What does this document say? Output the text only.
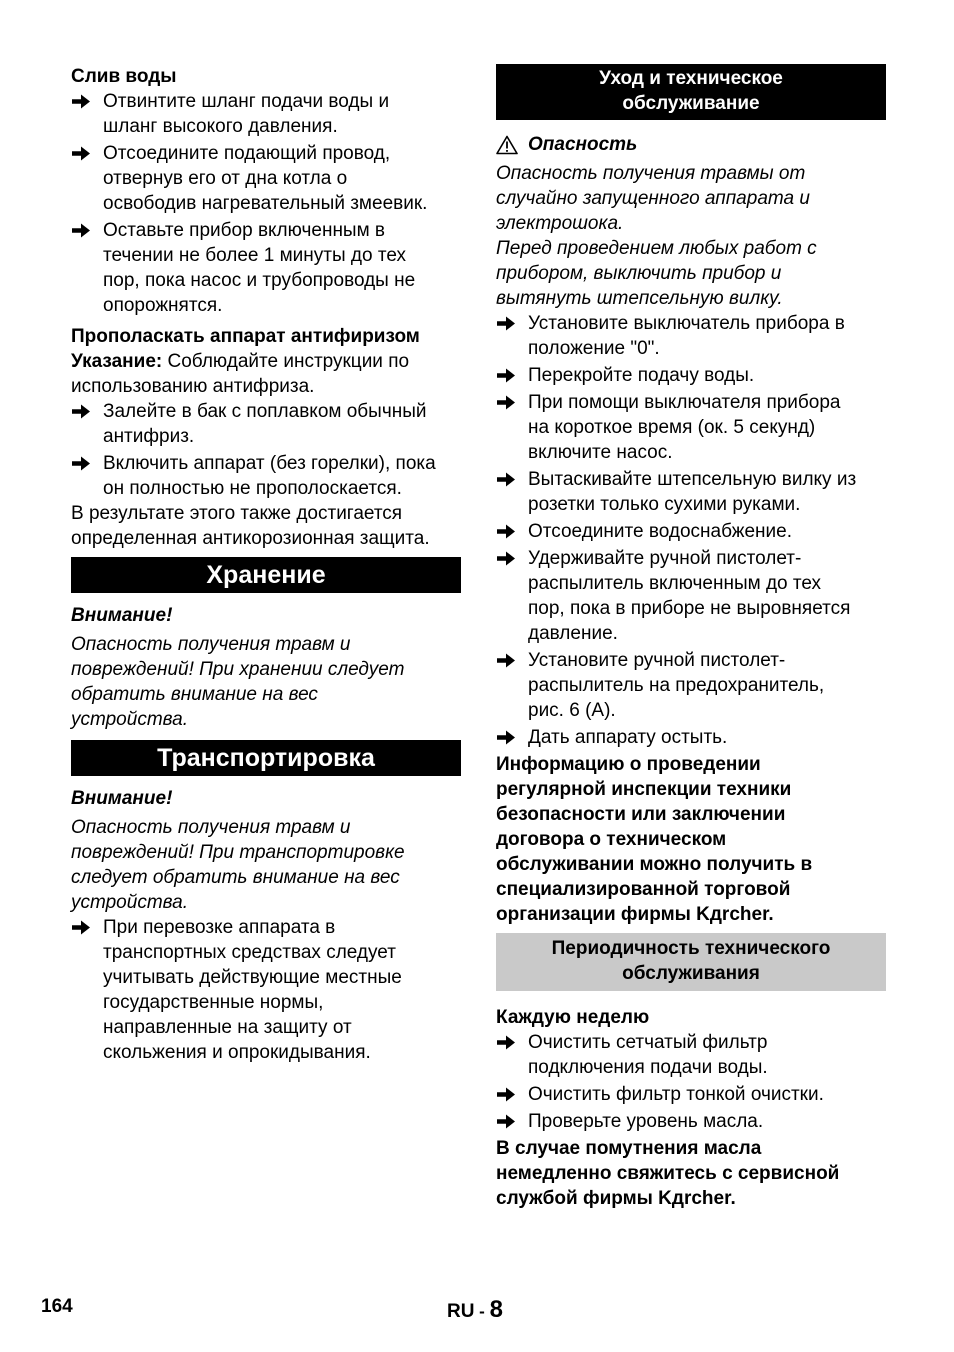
Слив воды
Отвинтите шланг подачи воды и
шланг высокого давления.
Отсоедините подающий провод,
отвернув его от дна котла о
освободив нагревательный змеевик.
Оставьте прибор включенным в
течении не более 1 минуты до тех
пор, пока насос и трубопроводы не
опорожнятся.
Прополаскать аппарат антифиризом
Указание: Соблюдайте инструкции по
использованию антифриза.
Залейте в бак с поплавком обычный
антифриз.
Включить аппарат (без горелки), пока
он полностью не прополоскается.
В результате этого также достигается
определенная антикорозионная защита.
Хранение
Внимание!
Опасность получения травм и
повреждений! При хранении следует
обратить внимание на вес
устройства.
Транспортировка
Внимание!
Опасность получения травм и
повреждений! При транспортировке
следует обратить внимание на вес
устройства.
При перевозке аппарата в
транспортных средствах следует
учитывать действующие местные
государственные нормы,
направленные на защиту от
скольжения и опрокидывания.
Уход и техническое
обслуживание
Опасность
Опасность получения травмы от
случайно запущенного аппарата и
электрошока.
Перед проведением любых работ с
прибором, выключить прибор и
вытянуть штепсельную вилку.
Установите выключатель прибора в
положение "0".
Перекройте подачу воды.
При помощи выключателя прибора
на короткое время (ок. 5 секунд)
включите насос.
Вытаскивайте штепсельную вилку из
розетки только сухими руками.
Отсоедините водоснабжение.
Удерживайте ручной пистолет-
распылитель включенным до тех
пор, пока в приборе не выровняется
давление.
Установите ручной пистолет-
распылитель на предохранитель,
рис. 6 (A).
Дать аппарату остыть.
Информацию о проведении
регулярной инспекции техники
безопасности или заключении
договора о техническом
обслуживании можно получить в
специализированной торговой
организации фирмы Kдrcher.
Периодичность технического
обслуживания
Каждую неделю
Очистить сетчатый фильтр
подключения подачи воды.
Очистить фильтр тонкой очистки.
Проверьте уровень масла.
В случае помутнения масла
немедленно свяжитесь с сервисной
службой фирмы Kдrcher.
164	RU - 8
